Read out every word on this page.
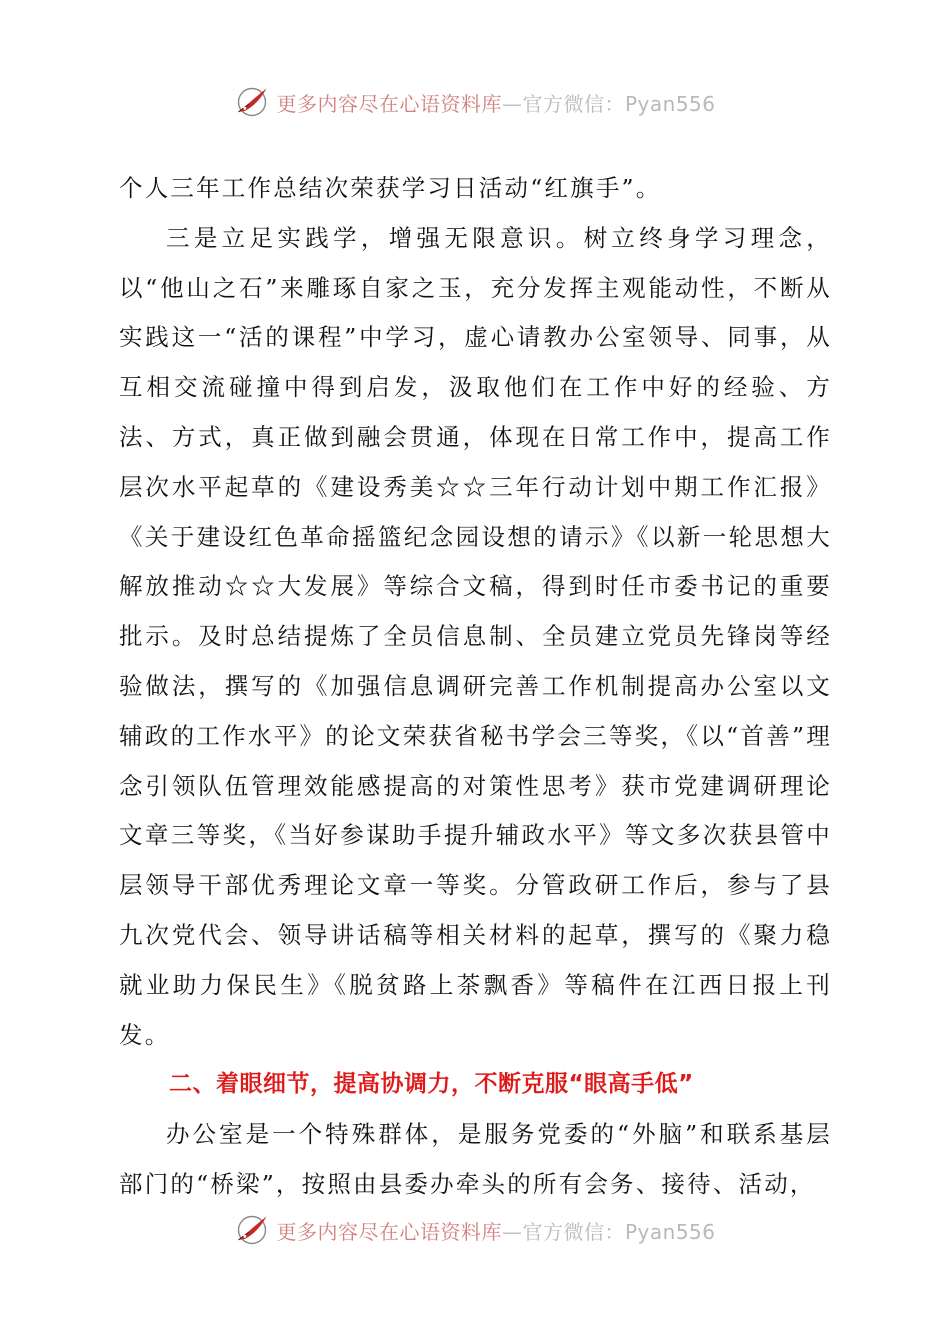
更多内容尽在心语资料库—官方微信：Pyan556

个人三年工作总结次荣获学习日活动“红旗手”。

三是立足实践学，增强无限意识。树立终身学习理念，以“他山之石”来雕琢自家之玉，充分发挥主观能动性，不断从实践这一“活的课程”中学习，虚心请教办公室领导、同事，从互相交流碰撞中得到启发，汲取他们在工作中好的经验、方法、方式，真正做到融会贯通，体现在日常工作中，提高工作层次水平起草的《建设秀美☆☆三年行动计划中期工作汇报》《关于建设红色革命摇篮纪念园设想的请示》《以新一轮思想大解放推动☆☆大发展》等综合文稿，得到时任市委书记的重要批示。及时总结提炼了全员信息制、全员建立党员先锋岗等经验做法，撰写的《加强信息调研完善工作机制提高办公室以文辅政的工作水平》的论文荣获省秘书学会三等奖，《以“首善”理念引领队伍管理效能感提高的对策性思考》获市党建调研理论文章三等奖，《当好参谋助手提升辅政水平》等文多次获县管中层领导干部优秀理论文章一等奖。分管政研工作后，参与了县九次党代会、领导讲话稿等相关材料的起草，撰写的《聚力稳就业助力保民生》《脱贫路上茶飘香》等稿件在江西日报上刊发。

二、着眼细节，提高协调力，不断克服“眼高手低”

办公室是一个特殊群体，是服务党委的“外脑”和联系基层部门的“桥梁”，按照由县委办牵头的所有会务、接待、活动，

更多内容尽在心语资料库—官方微信：Pyan556
